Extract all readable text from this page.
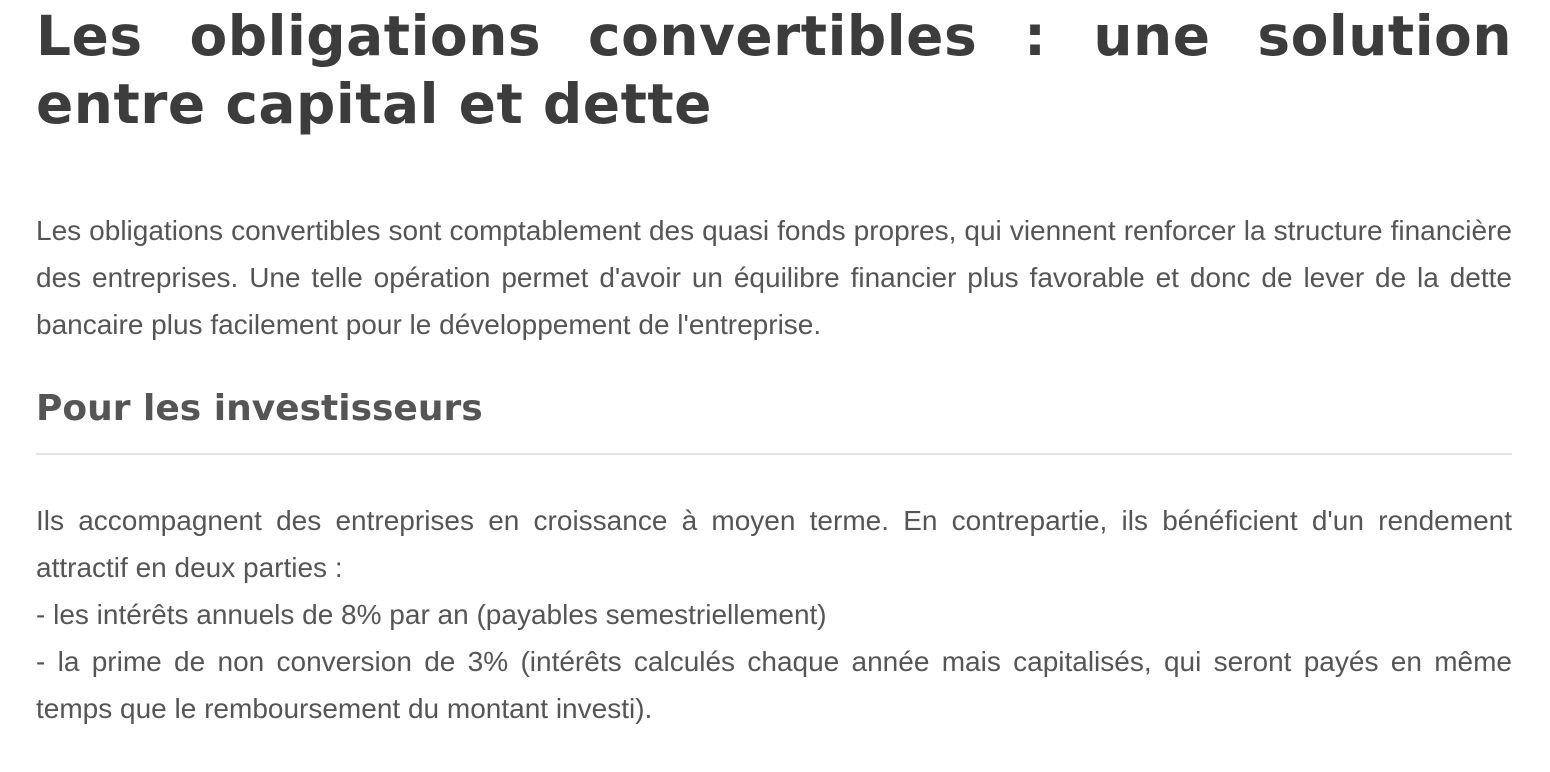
Les obligations convertibles : une solution entre capital et dette

Les obligations convertibles sont comptablement des quasi fonds propres, qui viennent renforcer la structure financière des entreprises. Une telle opération permet d'avoir un équilibre financier plus favorable et donc de lever de la dette bancaire plus facilement pour le développement de l'entreprise.

Pour les investisseurs

Ils accompagnent des entreprises en croissance à moyen terme. En contrepartie, ils bénéficient d'un rendement attractif en deux parties :

- les intérêts annuels de 8% par an (payables semestriellement)

- la prime de non conversion de 3% (intérêts calculés chaque année mais capitalisés, qui seront payés en même temps que le remboursement du montant investi).
